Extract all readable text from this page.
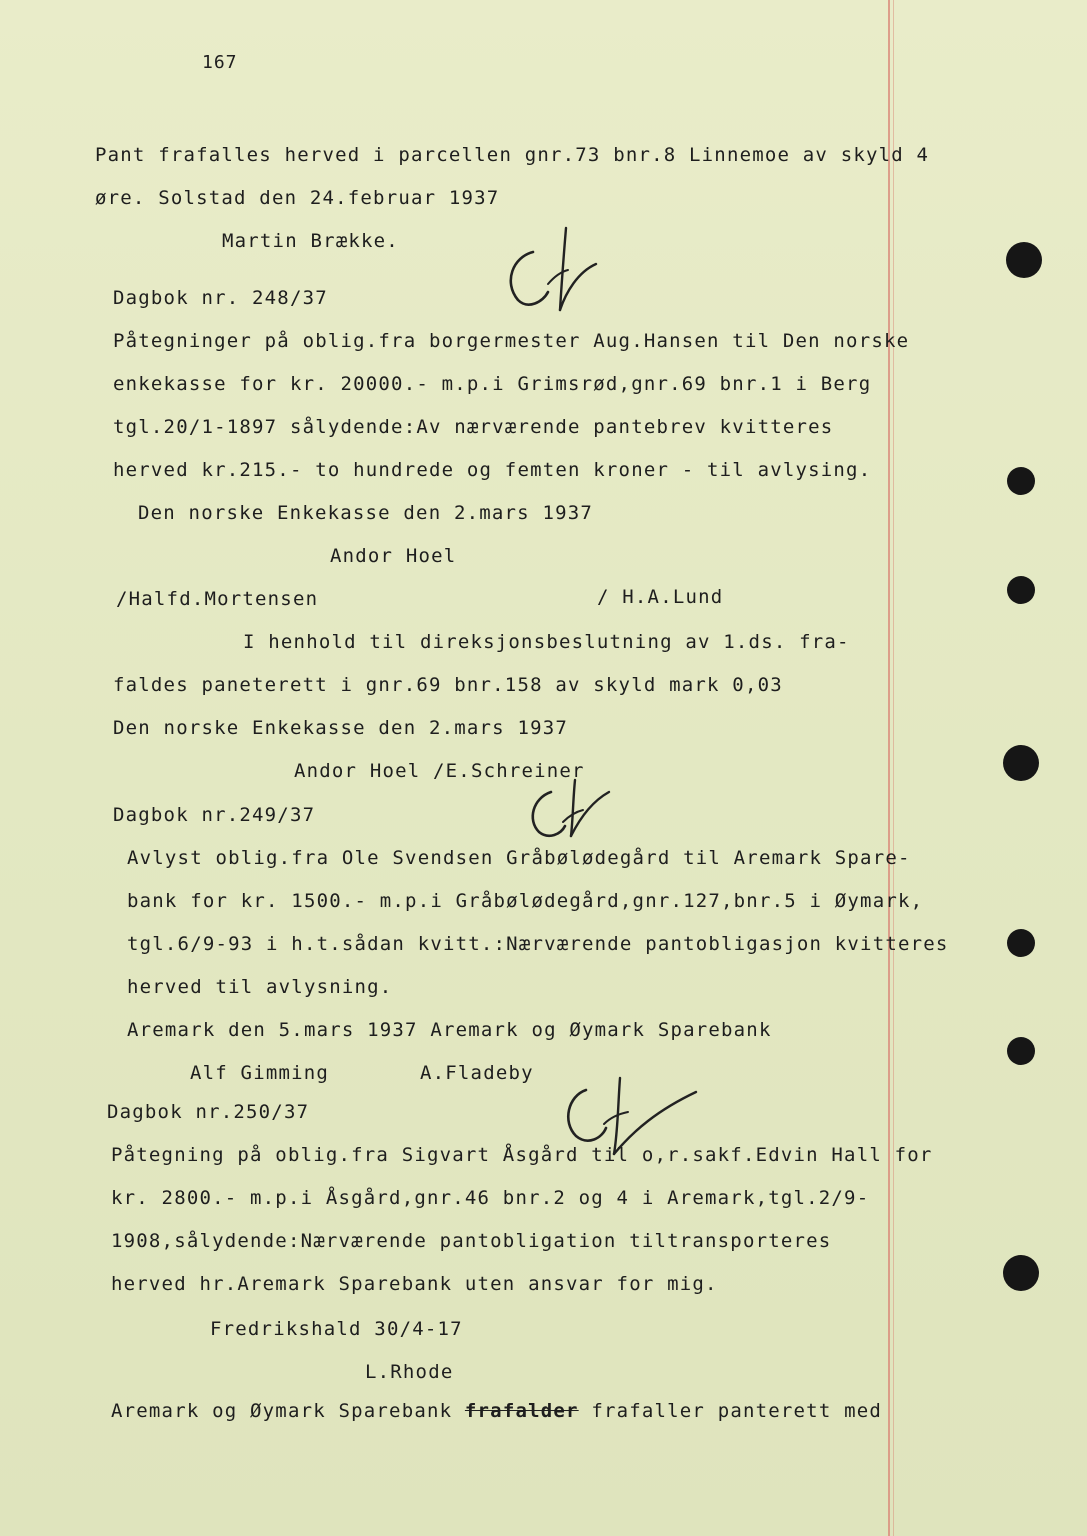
167
Pant frafalles herved i parcellen gnr.73 bnr.8 Linnemoe av skyld 4
øre. Solstad den 24.februar 1937
Martin Brække.
Dagbok nr. 248/37
Påtegninger på oblig.fra borgermester Aug.Hansen til Den norske
enkekasse for kr. 20000.- m.p.i Grimsrød,gnr.69 bnr.1 i Berg
tgl.20/1-1897 sålydende:Av nærværende pantebrev kvitteres
herved kr.215.- to hundrede og femten kroner - til avlysing.
Den norske Enkekasse den 2.mars 1937
Andor Hoel
/Halfd.Mortensen	/ H.A.Lund
I henhold til direksjonsbeslutning av 1.ds. fra-
faldes paneterett i gnr.69 bnr.158 av skyld mark 0,03
Den norske Enkekasse den 2.mars 1937
Andor Hoel /E.Schreiner
Dagbok nr.249/37
Avlyst oblig.fra Ole Svendsen Gråbølødegård til Aremark Spare-
bank for kr. 1500.- m.p.i Gråbølødegård,gnr.127,bnr.5 i Øymark,
tgl.6/9-93 i h.t.sådan kvitt.:Nærværende pantobligasjon kvitteres
herved til avlysning.
Aremark den 5.mars 1937 Aremark og Øymark Sparebank
Alf Gimming	A.Fladeby
Dagbok nr.250/37
Påtegning på oblig.fra Sigvart Åsgård til o,r.sakf.Edvin Hall for
kr. 2800.- m.p.i Åsgård,gnr.46 bnr.2 og 4 i Aremark,tgl.2/9-
1908,sålydende:Nærværende pantobligation tiltransporteres
herved hr.Aremark Sparebank uten ansvar for mig.
Fredrikshald 30/4-17
L.Rhode
Aremark og Øymark Sparebank frafalder frafaller panterett med
